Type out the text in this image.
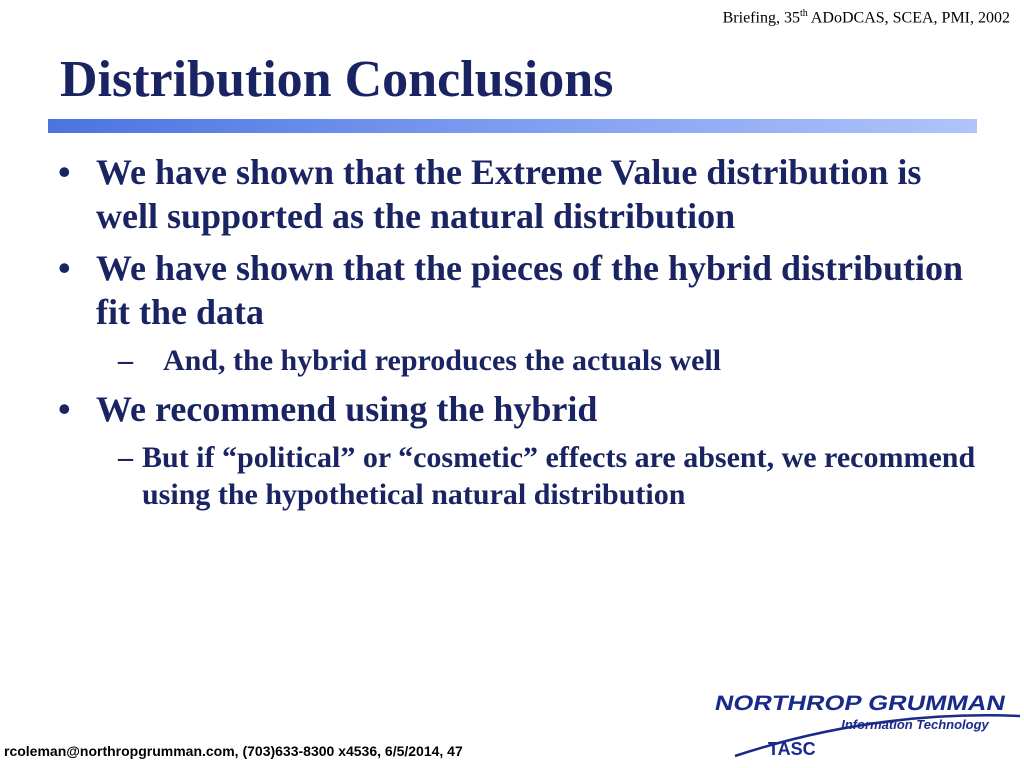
Briefing, 35th ADoDCAS, SCEA, PMI, 2002
Distribution Conclusions
• We have shown that the Extreme Value distribution is well supported as the natural distribution
• We have shown that the pieces of the hybrid distribution fit the data
– And, the hybrid reproduces the actuals well
• We recommend using the hybrid
– But if “political” or “cosmetic” effects are absent, we recommend using the hypothetical natural distribution
NORTHROP GRUMMAN
Information Technology
TASC
rcoleman@northropgrumman.com, (703)633-8300 x4536, 6/5/2014, 47
